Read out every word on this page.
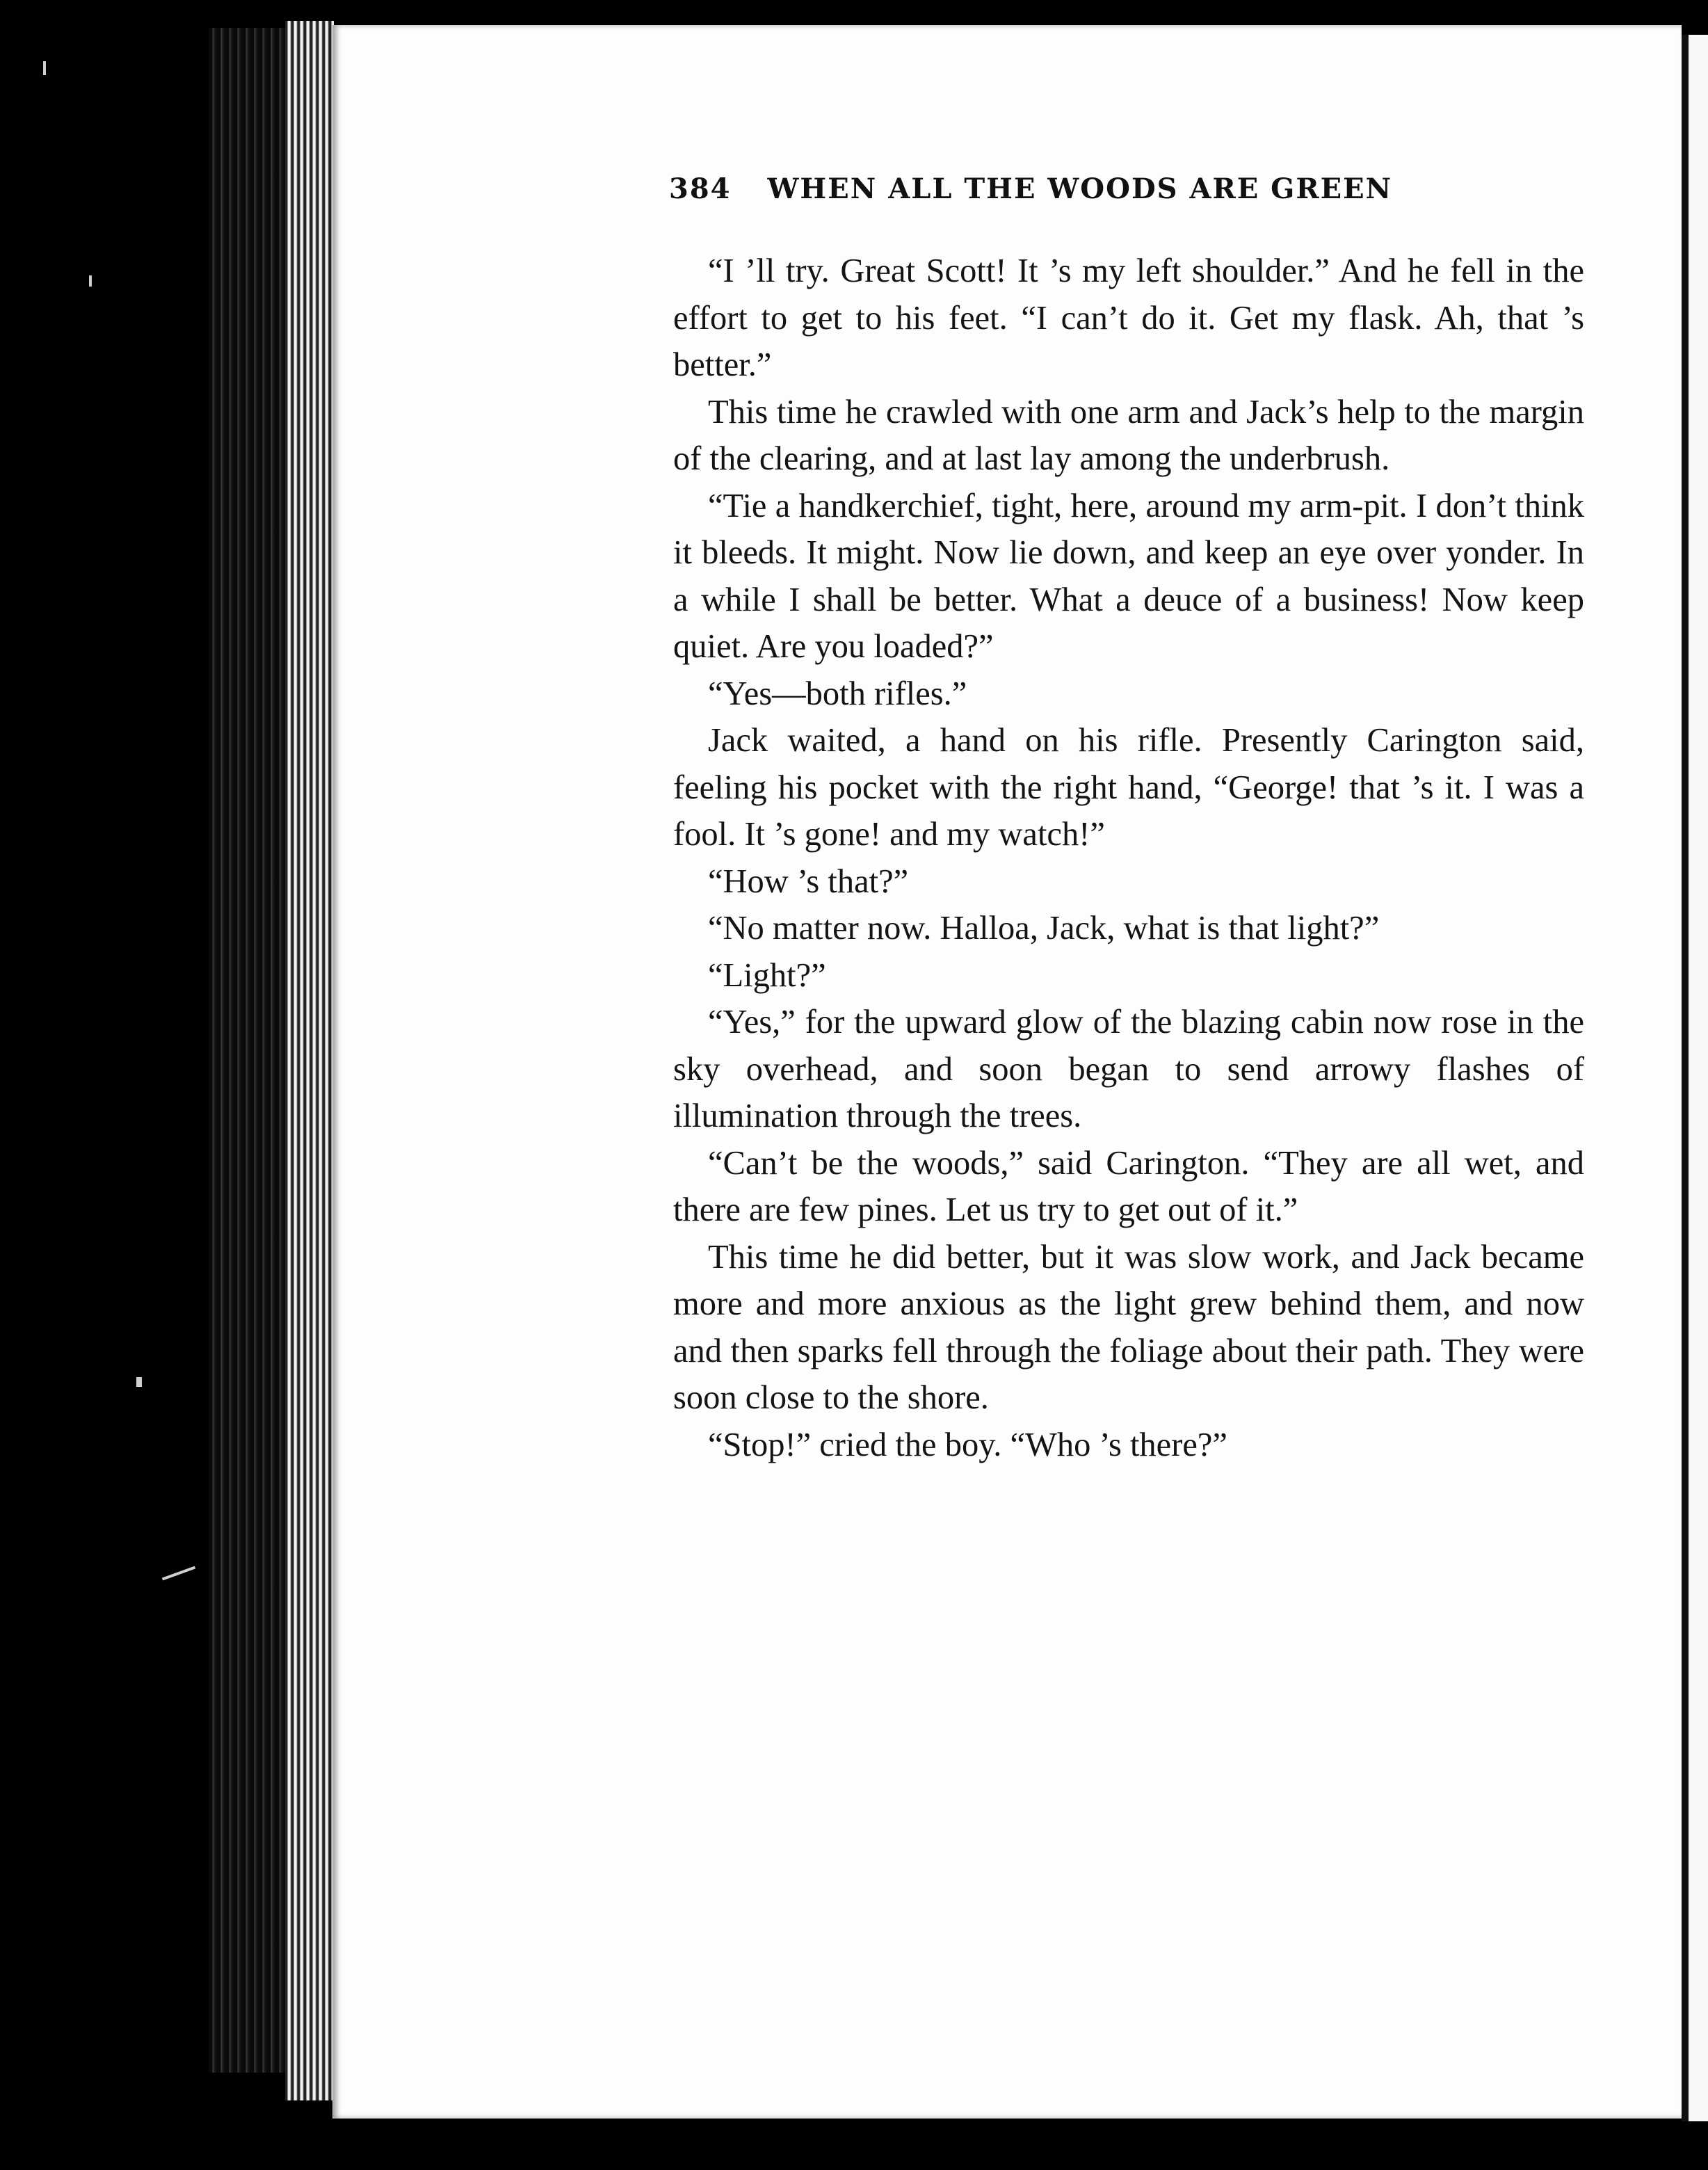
384 WHEN ALL THE WOODS ARE GREEN

“I ’ll try. Great Scott! It ’s my left shoulder.” And he fell in the effort to get to his feet. “I can’t do it. Get my flask. Ah, that ’s better.”

This time he crawled with one arm and Jack’s help to the margin of the clearing, and at last lay among the underbrush.

“Tie a handkerchief, tight, here, around my arm-pit. I don’t think it bleeds. It might. Now lie down, and keep an eye over yonder. In a while I shall be better. What a deuce of a business! Now keep quiet. Are you loaded?”

“Yes—both rifles.”

Jack waited, a hand on his rifle. Presently Carington said, feeling his pocket with the right hand, “George! that ’s it. I was a fool. It ’s gone! and my watch!”

“How ’s that?”

“No matter now. Halloa, Jack, what is that light?”

“Light?”

“Yes,” for the upward glow of the blazing cabin now rose in the sky overhead, and soon began to send arrowy flashes of illumination through the trees.

“Can’t be the woods,” said Carington. “They are all wet, and there are few pines. Let us try to get out of it.”

This time he did better, but it was slow work, and Jack became more and more anxious as the light grew behind them, and now and then sparks fell through the foliage about their path. They were soon close to the shore.

“Stop!” cried the boy. “Who ’s there?”
